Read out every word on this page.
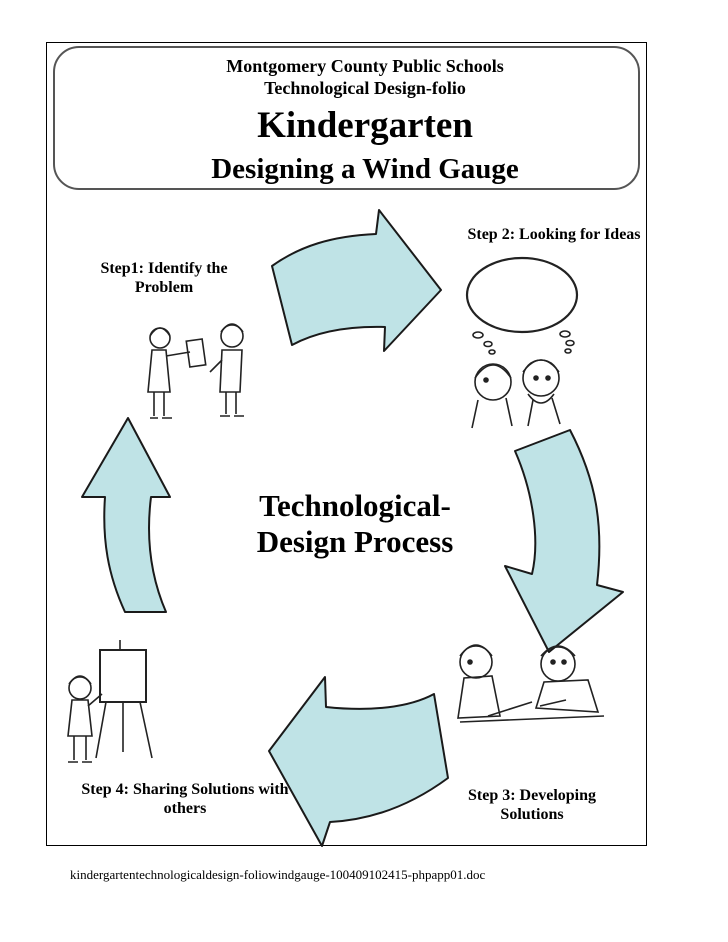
Montgomery County Public Schools
Technological Design-folio
Kindergarten
Designing a Wind Gauge
Step1: Identify the Problem
Step 2: Looking for Ideas
Step 3: Developing Solutions
Step 4: Sharing Solutions with others
Technological-Design Process
kindergartentechnologicaldesign-foliowindgauge-100409102415-phpapp01.doc
